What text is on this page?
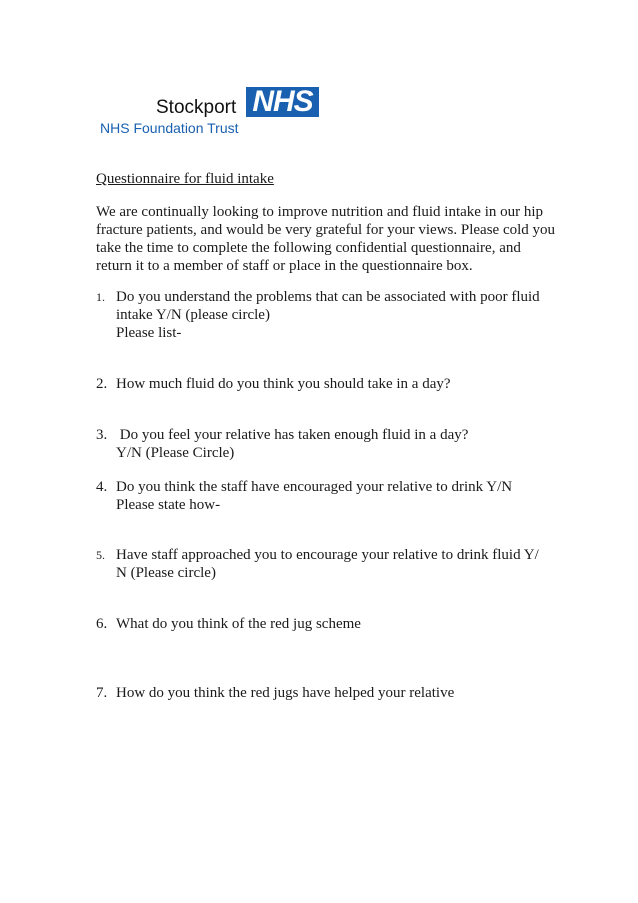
Stockport NHS
NHS Foundation Trust
Questionnaire for fluid intake
We are continually looking to improve nutrition and fluid intake in our hip fracture patients, and would be very grateful for your views. Please cold you take the time to complete the following confidential questionnaire, and return it to a member of staff or place in the questionnaire box.
1. Do you understand the problems that can be associated with poor fluid
intake Y/N (please circle)
Please list-
2. How much fluid do you think you should take in a day?
3. Do you feel your relative has taken enough fluid in a day?
Y/N (Please Circle)
4. Do you think the staff have encouraged your relative to drink Y/N
Please state how-
5. Have staff approached you to encourage your relative to drink fluid Y/
N (Please circle)
6. What do you think of the red jug scheme
7. How do you think the red jugs have helped your relative
